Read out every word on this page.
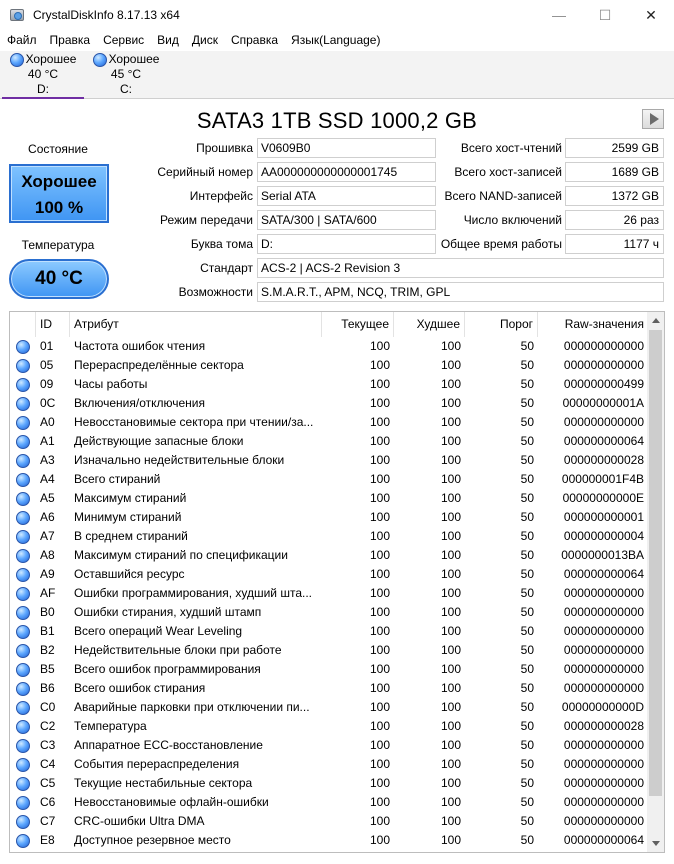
CrystalDiskInfo 8.17.13 x64	—	☐	✕
Файл	Правка	Сервис	Вид	Диск	Справка	Язык(Language)
Хорошее
40 °C
D:
Хорошее
45 °C
C:
SATA3 1TB SSD 1000,2 GB
Состояние
Хорошее
100 %
Температура
40 °C
Прошивка V0609B0
Серийный номер AA000000000000001745
Интерфейс Serial ATA
Режим передачи SATA/300 | SATA/600
Буква тома D:
Стандарт ACS-2 | ACS-2 Revision 3
Возможности S.M.A.R.T., APM, NCQ, TRIM, GPL
Всего хост-чтений	2599 GB
Всего хост-записей	1689 GB
Всего NAND-записей	1372 GB
Число включений	26 раз
Общее время работы	1177 ч
ID	Атрибут	Текущее	Худшее	Порог	Raw-значения
01	Частота ошибок чтения	100	100	50	000000000000
05	Перераспределённые сектора	100	100	50	000000000000
09	Часы работы	100	100	50	000000000499
0C	Включения/отключения	100	100	50	00000000001A
A0	Невосстановимые сектора при чтении/за...	100	100	50	000000000000
A1	Действующие запасные блоки	100	100	50	000000000064
A3	Изначально недействительные блоки	100	100	50	000000000028
A4	Всего стираний	100	100	50	000000001F4B
A5	Максимум стираний	100	100	50	00000000000E
A6	Минимум стираний	100	100	50	000000000001
A7	В среднем стираний	100	100	50	000000000004
A8	Максимум стираний по спецификации	100	100	50	0000000013BA
A9	Оставшийся ресурс	100	100	50	000000000064
AF	Ошибки программирования, худший шта...	100	100	50	000000000000
B0	Ошибки стирания, худший штамп	100	100	50	000000000000
B1	Всего операций Wear Leveling	100	100	50	000000000000
B2	Недействительные блоки при работе	100	100	50	000000000000
B5	Всего ошибок программирования	100	100	50	000000000000
B6	Всего ошибок стирания	100	100	50	000000000000
C0	Аварийные парковки при отключении пи...	100	100	50	00000000000D
C2	Температура	100	100	50	000000000028
C3	Аппаратное ECC-восстановление	100	100	50	000000000000
C4	События перераспределения	100	100	50	000000000000
C5	Текущие нестабильные сектора	100	100	50	000000000000
C6	Невосстановимые офлайн-ошибки	100	100	50	000000000000
C7	CRC-ошибки Ultra DMA	100	100	50	000000000000
E8	Доступное резервное место	100	100	50	000000000064
